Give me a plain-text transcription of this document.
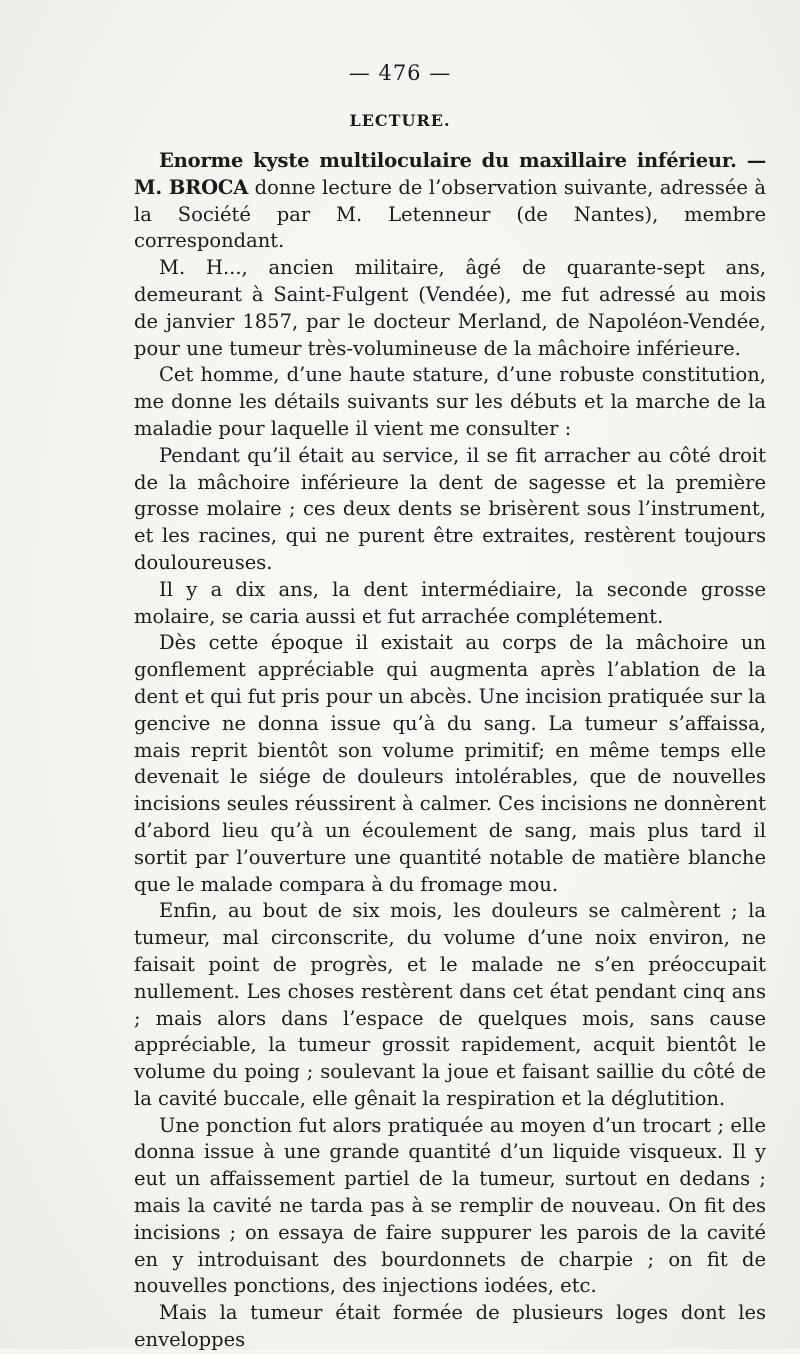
— 476 —
LECTURE.

Enorme kyste multiloculaire du maxillaire inférieur. — M. BROCA donne lecture de l’observation suivante, adressée à la Société par M. Letenneur (de Nantes), membre correspondant.

M. H..., ancien militaire, âgé de quarante-sept ans, demeurant à Saint-Fulgent (Vendée), me fut adressé au mois de janvier 1857, par le docteur Merland, de Napoléon-Vendée, pour une tumeur très-volumineuse de la mâchoire inférieure.

Cet homme, d’une haute stature, d’une robuste constitution, me donne les détails suivants sur les débuts et la marche de la maladie pour laquelle il vient me consulter :

Pendant qu’il était au service, il se fit arracher au côté droit de la mâchoire inférieure la dent de sagesse et la première grosse molaire ; ces deux dents se brisèrent sous l’instrument, et les racines, qui ne purent être extraites, restèrent toujours douloureuses.

Il y a dix ans, la dent intermédiaire, la seconde grosse molaire, se caria aussi et fut arrachée complétement.

Dès cette époque il existait au corps de la mâchoire un gonflement appréciable qui augmenta après l’ablation de la dent et qui fut pris pour un abcès. Une incision pratiquée sur la gencive ne donna issue qu’à du sang. La tumeur s’affaissa, mais reprit bientôt son volume primitif; en même temps elle devenait le siége de douleurs intolérables, que de nouvelles incisions seules réussirent à calmer. Ces incisions ne donnèrent d’abord lieu qu’à un écoulement de sang, mais plus tard il sortit par l’ouverture une quantité notable de matière blanche que le malade compara à du fromage mou.

Enfin, au bout de six mois, les douleurs se calmèrent ; la tumeur, mal circonscrite, du volume d’une noix environ, ne faisait point de progrès, et le malade ne s’en préoccupait nullement. Les choses restèrent dans cet état pendant cinq ans ; mais alors dans l’espace de quelques mois, sans cause appréciable, la tumeur grossit rapidement, acquit bientôt le volume du poing ; soulevant la joue et faisant saillie du côté de la cavité buccale, elle gênait la respiration et la déglutition.

Une ponction fut alors pratiquée au moyen d’un trocart ; elle donna issue à une grande quantité d’un liquide visqueux. Il y eut un affaissement partiel de la tumeur, surtout en dedans ; mais la cavité ne tarda pas à se remplir de nouveau. On fit des incisions ; on essaya de faire suppurer les parois de la cavité en y introduisant des bourdonnets de charpie ; on fit de nouvelles ponctions, des injections iodées, etc.

Mais la tumeur était formée de plusieurs loges dont les enveloppes
